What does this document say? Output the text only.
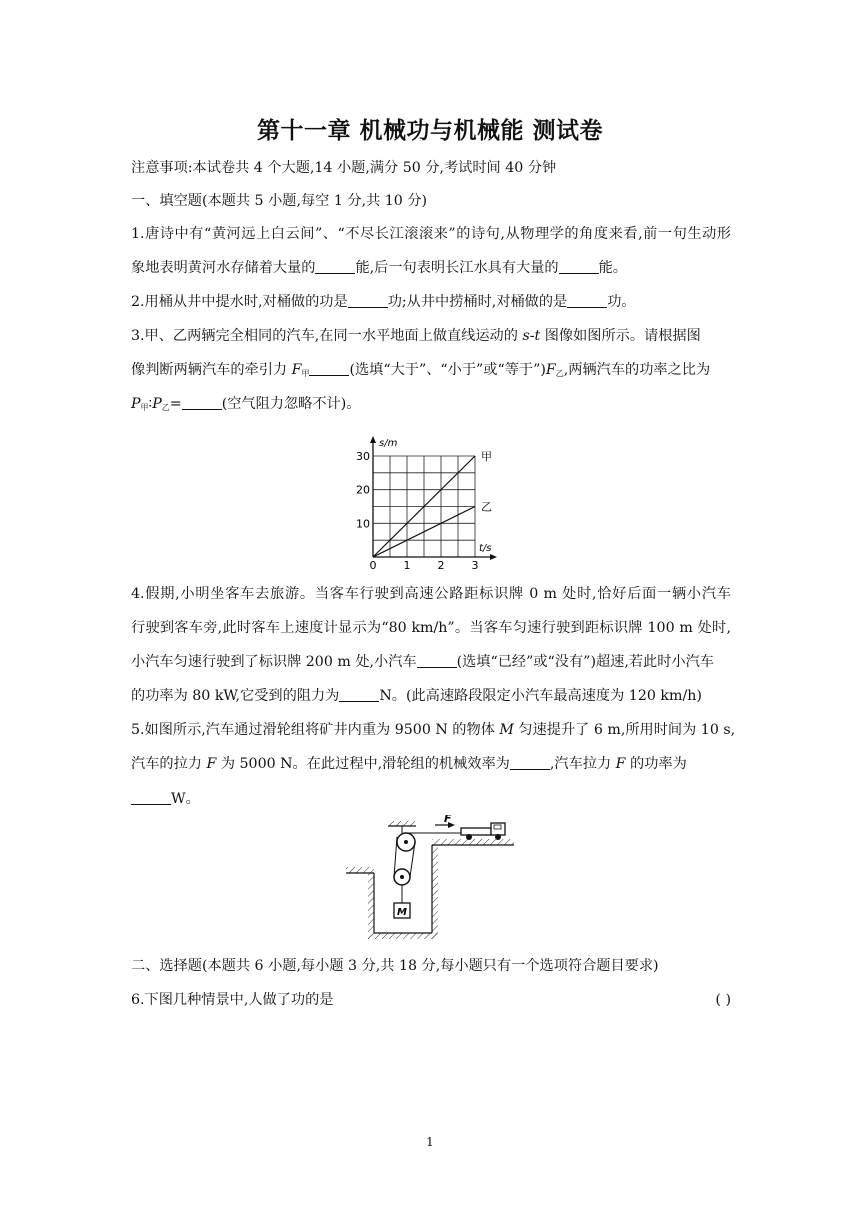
第十一章 机械功与机械能 测试卷
注意事项:本试卷共 4 个大题,14 小题,满分 50 分,考试时间 40 分钟
一、填空题(本题共 5 小题,每空 1 分,共 10 分)
1.唐诗中有“黄河远上白云间”、“不尽长江滚滚来”的诗句,从物理学的角度来看,前一句生动形
象地表明黄河水存储着大量的	能,后一句表明长江水具有大量的	能。
2.用桶从井中提水时,对桶做的功是	功;从井中捞桶时,对桶做的是	功。
3.甲、乙两辆完全相同的汽车,在同一水平地面上做直线运动的 s-t 图像如图所示。请根据图
像判断两辆汽车的牵引力 $F_甲$	(选填“大于”、“小于”或“等于$”)F_乙$,两辆汽车的功率之比为
$P_甲∶P_乙=$	(空气阻力忽略不计)。
甲
乙
0 1 2 3
10
20
30
t/s
s/m
4.假期,小明坐客车去旅游。当客车行驶到高速公路距标识牌 0 m 处时,恰好后面一辆小汽车
行驶到客车旁,此时客车上速度计显示为“80 km/h”。当客车匀速行驶到距标识牌 100 m 处时,
小汽车匀速行驶到了标识牌 200 m 处,小汽车	(选填“已经”或“没有”)超速,若此时小汽车
的功率为 80 kW,它受到的阻力为	N。(此高速路段限定小汽车最高速度为 120 km/h)
5.如图所示,汽车通过滑轮组将矿井内重为 9500 N 的物体 M 匀速提升了 6 m,所用时间为 10 s,
汽车的拉力 F 为 5000 N。在此过程中,滑轮组的机械效率为	,汽车拉力 F 的功率为
W。
F
M
二、选择题(本题共 6 小题,每小题 3 分,共 18 分,每小题只有一个选项符合题目要求)
6.下图几种情景中,人做了功的是	( )
1
